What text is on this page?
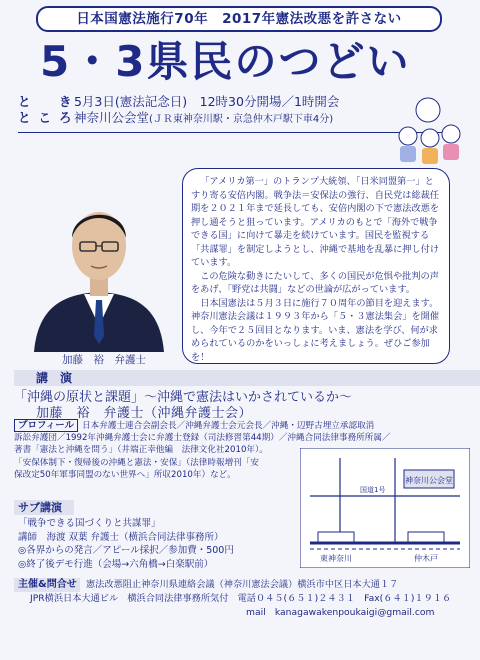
日本国憲法施行70年　2017年憲法改悪を許さない
5・3県民のつどい
と　き 5月3日(憲法記念日)　12時30分開場／1時開会
ところ 神奈川公会堂(ＪＲ東神奈川駅・京急仲木戸駅下車4分)
加藤　裕　弁護士

「アメリカ第一」のトランプ大統領、「日米同盟第一」とすり寄る安倍内閣。戦争法＝安保法の強行、自民党は総裁任期を２０２１年まで延長しても、安倍内閣の下で憲法改悪を押し通そうと狙っています。アメリカのもとで「海外で戦争できる国」に向けて暴走を続けています。国民を監視する「共謀罪」を制定しようとし、沖縄で基地を乱暴に押し付けています。

この危険な動きにたいして、多くの国民が危惧や批判の声をあげ、「野党は共闘」などの世論が広がっています。

日本国憲法は５月３日に施行７０周年の節目を迎えます。神奈川憲法会議は１９９３年から「５・３憲法集会」を開催し、今年で２５回目となります。いま、憲法を学び、何が求められているのかをいっしょに考えましょう。ぜひご参加を！

講　演
「沖縄の原状と課題」～沖縄で憲法はいかされているか～
加藤　裕　弁護士（沖縄弁護士会）
プロフィール 日本弁護士連合会副会長／沖縄弁護士会元会長／沖縄・辺野古埋立承認取消
訴訟弁護団／1992年沖縄弁護士会に弁護士登録（司法修習第44期）／沖縄合同法律事務所所属／
著書「憲法と沖縄を問う」（井端正幸他編　法律文化社2010年）。
「安保体制下・復帰後の沖縄と憲法・安保」（法律時報増刊「安
保改定50年軍事同盟のない世界へ」所収2010年）など。
サブ講演
「戦争できる国づくりと共謀罪」
講師　海渡 双葉 弁護士（横浜合同法律事務所）
◎各界からの発言／アピール採択／参加費・500円
◎終了後デモ行進（会場→六角橋→白楽駅前）
神奈川公会堂
東神奈川	仲木戸
国道1号
憲法改悪阻止神奈川県連絡会議（神奈川憲法会議）横浜市中区日本大通１７
JPR横浜日本大通ビル　横浜合同法律事務所気付　電話０４５(６５１)２４３１　Fax(６４１)１９１６
mail　kanagawakenpoukaigi@gmail.com
主催&問合せ
